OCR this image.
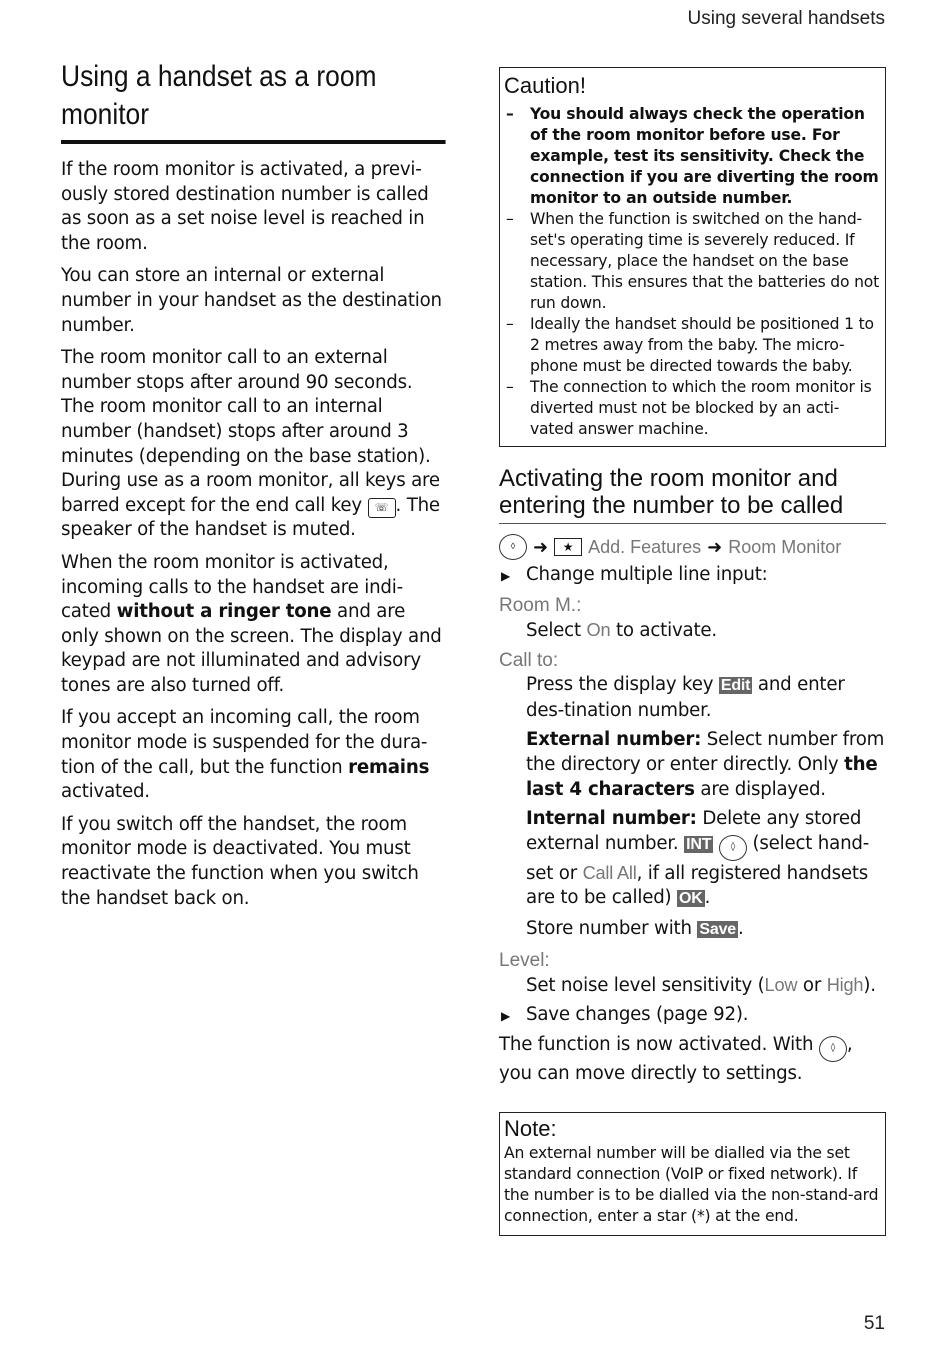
Using several handsets
Using a handset as a room monitor

If the room monitor is activated, a previ-ously stored destination number is called as soon as a set noise level is reached in the room.

You can store an internal or external number in your handset as the destination number.

The room monitor call to an external number stops after around 90 seconds. The room monitor call to an internal number (handset) stops after around 3 minutes (depending on the base station). During use as a room monitor, all keys are barred except for the end call key ☏ . The speaker of the handset is muted.

When the room monitor is activated, incoming calls to the handset are indi-cated without a ringer tone and are only shown on the screen. The display and keypad are not illuminated and advisory tones are also turned off.

If you accept an incoming call, the room monitor mode is suspended for the dura-tion of the call, but the function remains activated.

If you switch off the handset, the room monitor mode is deactivated. You must reactivate the function when you switch the handset back on.

Caution!
– You should always check the operation of the room monitor before use. For example, test its sensitivity. Check the connection if you are diverting the room monitor to an outside number.
– When the function is switched on the hand-set's operating time is severely reduced. If necessary, place the handset on the base station. This ensures that the batteries do not run down.
– Ideally the handset should be positioned 1 to 2 metres away from the baby. The micro-phone must be directed towards the baby.
– The connection to which the room monitor is diverted must not be blocked by an acti-vated answer machine.
Activating the room monitor and entering the number to be called
◊ ➜	★ Add. Features ➜ Room Monitor
▶ Change multiple line input:
Room M.:
Select On to activate.
Call to:
Press the display key Edit and enter des-tination number.
External number: Select number from the directory or enter directly. Only the last 4 characters are displayed.
Internal number: Delete any stored external number. INT ◊ (select hand-set or Call All, if all registered handsets are to be called) OK .
Store number with Save .
Level:
Set noise level sensitivity (Low or High).
▶ Save changes (page 92).
The function is now activated. With ◊ , you can move directly to settings.
Note:

An external number will be dialled via the set standard connection (VoIP or fixed network). If the number is to be dialled via the non-stand-ard connection, enter a star (*) at the end.

51
